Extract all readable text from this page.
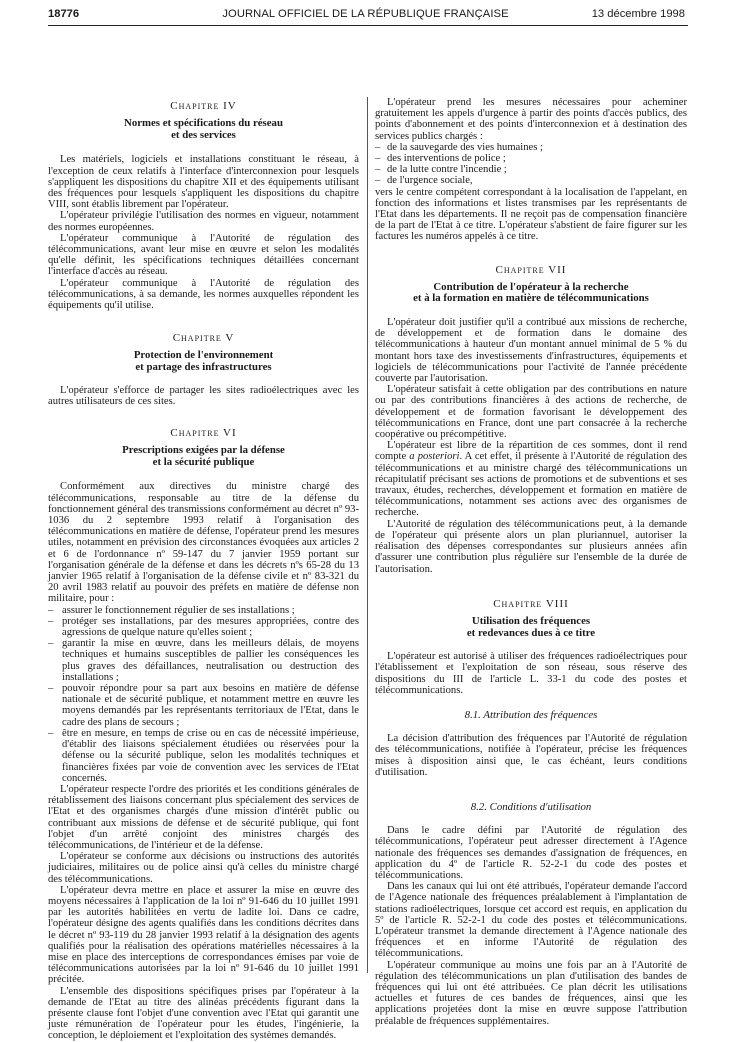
18776	JOURNAL OFFICIEL DE LA RÉPUBLIQUE FRANÇAISE	13 décembre 1998
Chapitre IV
Normes et spécifications du réseau
et des services

Les matériels, logiciels et installations constituant le réseau, à l'exception de ceux relatifs à l'interface d'interconnexion pour lesquels s'appliquent les dispositions du chapitre XII et des équipements utilisant des fréquences pour lesquels s'appliquent les dispositions du chapitre VIII, sont établis librement par l'opérateur.

L'opérateur privilégie l'utilisation des normes en vigueur, notamment des normes européennes.

L'opérateur communique à l'Autorité de régulation des télécommunications, avant leur mise en œuvre et selon les modalités qu'elle définit, les spécifications techniques détaillées concernant l'interface d'accès au réseau.

L'opérateur communique à l'Autorité de régulation des télécommunications, à sa demande, les normes auxquelles répondent les équipements qu'il utilise.

Chapitre V
Protection de l'environnement
et partage des infrastructures

L'opérateur s'efforce de partager les sites radioélectriques avec les autres utilisateurs de ces sites.

Chapitre VI
Prescriptions exigées par la défense
et la sécurité publique

Conformément aux directives du ministre chargé des télécommunications, responsable au titre de la défense du fonctionnement général des transmissions conformément au décret nº 93-1036 du 2 septembre 1993 relatif à l'organisation des télécommunications en matière de défense, l'opérateur prend les mesures utiles, notamment en prévision des circonstances évoquées aux articles 2 et 6 de l'ordonnance nº 59-147 du 7 janvier 1959 portant sur l'organisation générale de la défense et dans les décrets nºs 65-28 du 13 janvier 1965 relatif à l'organisation de la défense civile et nº 83-321 du 20 avril 1983 relatif au pouvoir des préfets en matière de défense non militaire, pour :

– assurer le fonctionnement régulier de ses installations ;
– protéger ses installations, par des mesures appropriées, contre des agressions de quelque nature qu'elles soient ;
– garantir la mise en œuvre, dans les meilleurs délais, de moyens techniques et humains susceptibles de pallier les conséquences les plus graves des défaillances, neutralisation ou destruction des installations ;
– pouvoir répondre pour sa part aux besoins en matière de défense nationale et de sécurité publique, et notamment mettre en œuvre les moyens demandés par les représentants territoriaux de l'Etat, dans le cadre des plans de secours ;
– être en mesure, en temps de crise ou en cas de nécessité impérieuse, d'établir des liaisons spécialement étudiées ou réservées pour la défense ou la sécurité publique, selon les modalités techniques et financières fixées par voie de convention avec les services de l'Etat concernés.

L'opérateur respecte l'ordre des priorités et les conditions générales de rétablissement des liaisons concernant plus spécialement des services de l'Etat et des organismes chargés d'une mission d'intérêt public ou contribuant aux missions de défense et de sécurité publique, qui font l'objet d'un arrêté conjoint des ministres chargés des télécommunications, de l'intérieur et de la défense.

L'opérateur se conforme aux décisions ou instructions des autorités judiciaires, militaires ou de police ainsi qu'à celles du ministre chargé des télécommunications.

L'opérateur devra mettre en place et assurer la mise en œuvre des moyens nécessaires à l'application de la loi nº 91-646 du 10 juillet 1991 par les autorités habilitées en vertu de ladite loi. Dans ce cadre, l'opérateur désigne des agents qualifiés dans les conditions décrites dans le décret nº 93-119 du 28 janvier 1993 relatif à la désignation des agents qualifiés pour la réalisation des opérations matérielles nécessaires à la mise en place des interceptions de correspondances émises par voie de télécommunications autorisées par la loi nº 91-646 du 10 juillet 1991 précitée.

L'ensemble des dispositions spécifiques prises par l'opérateur à la demande de l'Etat au titre des alinéas précédents figurant dans la présente clause font l'objet d'une convention avec l'Etat qui garantit une juste rémunération de l'opérateur pour les études, l'ingénierie, la conception, le déploiement et l'exploitation des systèmes demandés.

L'opérateur prend les mesures nécessaires pour acheminer gratuitement les appels d'urgence à partir des points d'accès publics, des points d'abonnement et des points d'interconnexion et à destination des services publics chargés :

– de la sauvegarde des vies humaines ;
– des interventions de police ;
– de la lutte contre l'incendie ;
– de l'urgence sociale,

vers le centre compétent correspondant à la localisation de l'appelant, en fonction des informations et listes transmises par les représentants de l'Etat dans les départements. Il ne reçoit pas de compensation financière de la part de l'Etat à ce titre. L'opérateur s'abstient de faire figurer sur les factures les numéros appelés à ce titre.

Chapitre VII
Contribution de l'opérateur à la recherche
et à la formation en matière de télécommunications

L'opérateur doit justifier qu'il a contribué aux missions de recherche, de développement et de formation dans le domaine des télécommunications à hauteur d'un montant annuel minimal de 5 % du montant hors taxe des investissements d'infrastructures, équipements et logiciels de télécommunications pour l'activité de l'année précédente couverte par l'autorisation.

L'opérateur satisfait à cette obligation par des contributions en nature ou par des contributions financières à des actions de recherche, de développement et de formation favorisant le développement des télécommunications en France, dont une part consacrée à la recherche coopérative ou précompétitive.

L'opérateur est libre de la répartition de ces sommes, dont il rend compte a posteriori. A cet effet, il présente à l'Autorité de régulation des télécommunications et au ministre chargé des télécommunications un récapitulatif précisant ses actions de promotions et de subventions et ses travaux, études, recherches, développement et formation en matière de télécommunications, notamment ses actions avec des organismes de recherche.

L'Autorité de régulation des télécommunications peut, à la demande de l'opérateur qui présente alors un plan pluriannuel, autoriser la réalisation des dépenses correspondantes sur plusieurs années afin d'assurer une contribution plus régulière sur l'ensemble de la durée de l'autorisation.

Chapitre VIII
Utilisation des fréquences
et redevances dues à ce titre

L'opérateur est autorisé à utiliser des fréquences radioélectriques pour l'établissement et l'exploitation de son réseau, sous réserve des dispositions du III de l'article L. 33-1 du code des postes et télécommunications.

8.1. Attribution des fréquences

La décision d'attribution des fréquences par l'Autorité de régulation des télécommunications, notifiée à l'opérateur, précise les fréquences mises à disposition ainsi que, le cas échéant, leurs conditions d'utilisation.

8.2. Conditions d'utilisation

Dans le cadre défini par l'Autorité de régulation des télécommunications, l'opérateur peut adresser directement à l'Agence nationale des fréquences ses demandes d'assignation de fréquences, en application du 4º de l'article R. 52-2-1 du code des postes et télécommunications.

Dans les canaux qui lui ont été attribués, l'opérateur demande l'accord de l'Agence nationale des fréquences préalablement à l'implantation de stations radioélectriques, lorsque cet accord est requis, en application du 5º de l'article R. 52-2-1 du code des postes et télécommunications. L'opérateur transmet la demande directement à l'Agence nationale des fréquences et en informe l'Autorité de régulation des télécommunications.

L'opérateur communique au moins une fois par an à l'Autorité de régulation des télécommunications un plan d'utilisation des bandes de fréquences qui lui ont été attribuées. Ce plan décrit les utilisations actuelles et futures de ces bandes de fréquences, ainsi que les applications projetées dont la mise en œuvre suppose l'attribution préalable de fréquences supplémentaires.
